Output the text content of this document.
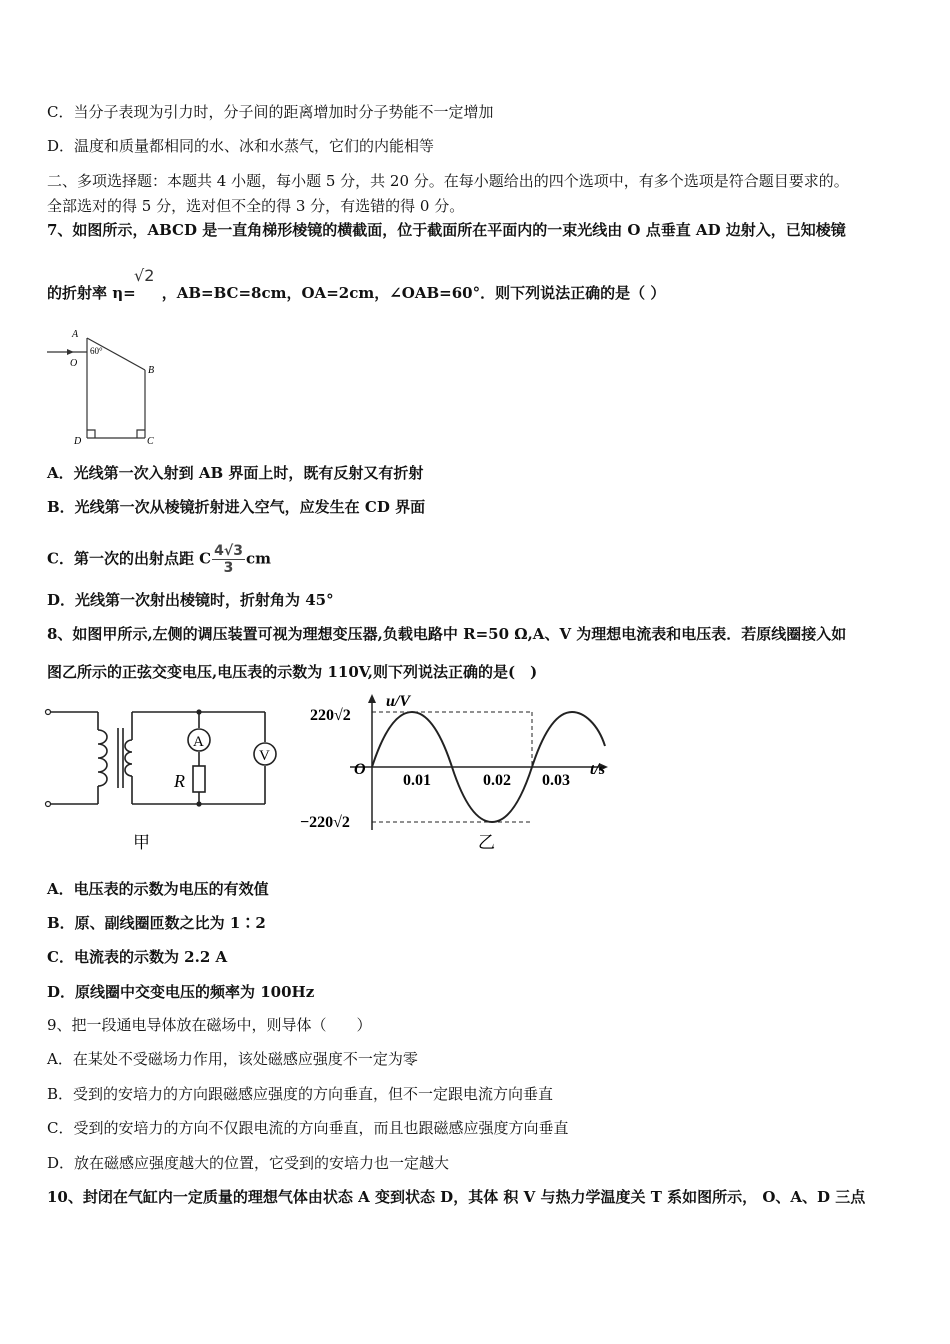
C．当分子表现为引力时，分子间的距离增加时分子势能不一定增加
D．温度和质量都相同的水、冰和水蒸气，它们的内能相等
二、多项选择题：本题共 4 小题，每小题 5 分，共 20 分。在每小题给出的四个选项中，有多个选项是符合题目要求的。
全部选对的得 5 分，选对但不全的得 3 分，有选错的得 0 分。
7、如图所示，ABCD 是一直角梯形棱镜的横截面，位于截面所在平面内的一束光线由 O 点垂直 AD 边射入，已知棱镜
的折射率 η= ，AB=BC=8cm，OA=2cm，∠OAB=60°．则下列说法正确的是（ ）
√2
A
B
C
D
O
60°
A．光线第一次入射到 AB 界面上时，既有反射又有折射
B．光线第一次从棱镜折射进入空气，应发生在 CD 界面
C．第一次的出射点距 C $\frac{4√3}{3}$ cm
D．光线第一次射出棱镜时，折射角为 45°
8、如图甲所示,左侧的调压装置可视为理想变压器,负载电路中 R=50 Ω,A、V 为理想电流表和电压表．若原线圈接入如
图乙所示的正弦交变电压,电压表的示数为 110V,则下列说法正确的是(　)
A
V
R
甲
u/V
220√2
−220√2
O
0.01	0.02 0.03
t/s
乙
A．电压表的示数为电压的有效值
B．原、副线圈匝数之比为 1∶2
C．电流表的示数为 2.2 A
D．原线圈中交变电压的频率为 100Hz
9、把一段通电导体放在磁场中，则导体（　　）
A．在某处不受磁场力作用，该处磁感应强度不一定为零
B．受到的安培力的方向跟磁感应强度的方向垂直，但不一定跟电流方向垂直
C．受到的安培力的方向不仅跟电流的方向垂直，而且也跟磁感应强度方向垂直
D．放在磁感应强度越大的位置，它受到的安培力也一定越大
10、封闭在气缸内一定质量的理想气体由状态 A 变到状态 D，其体 积 V 与热力学温度关 T 系如图所示， O、A、D 三点
